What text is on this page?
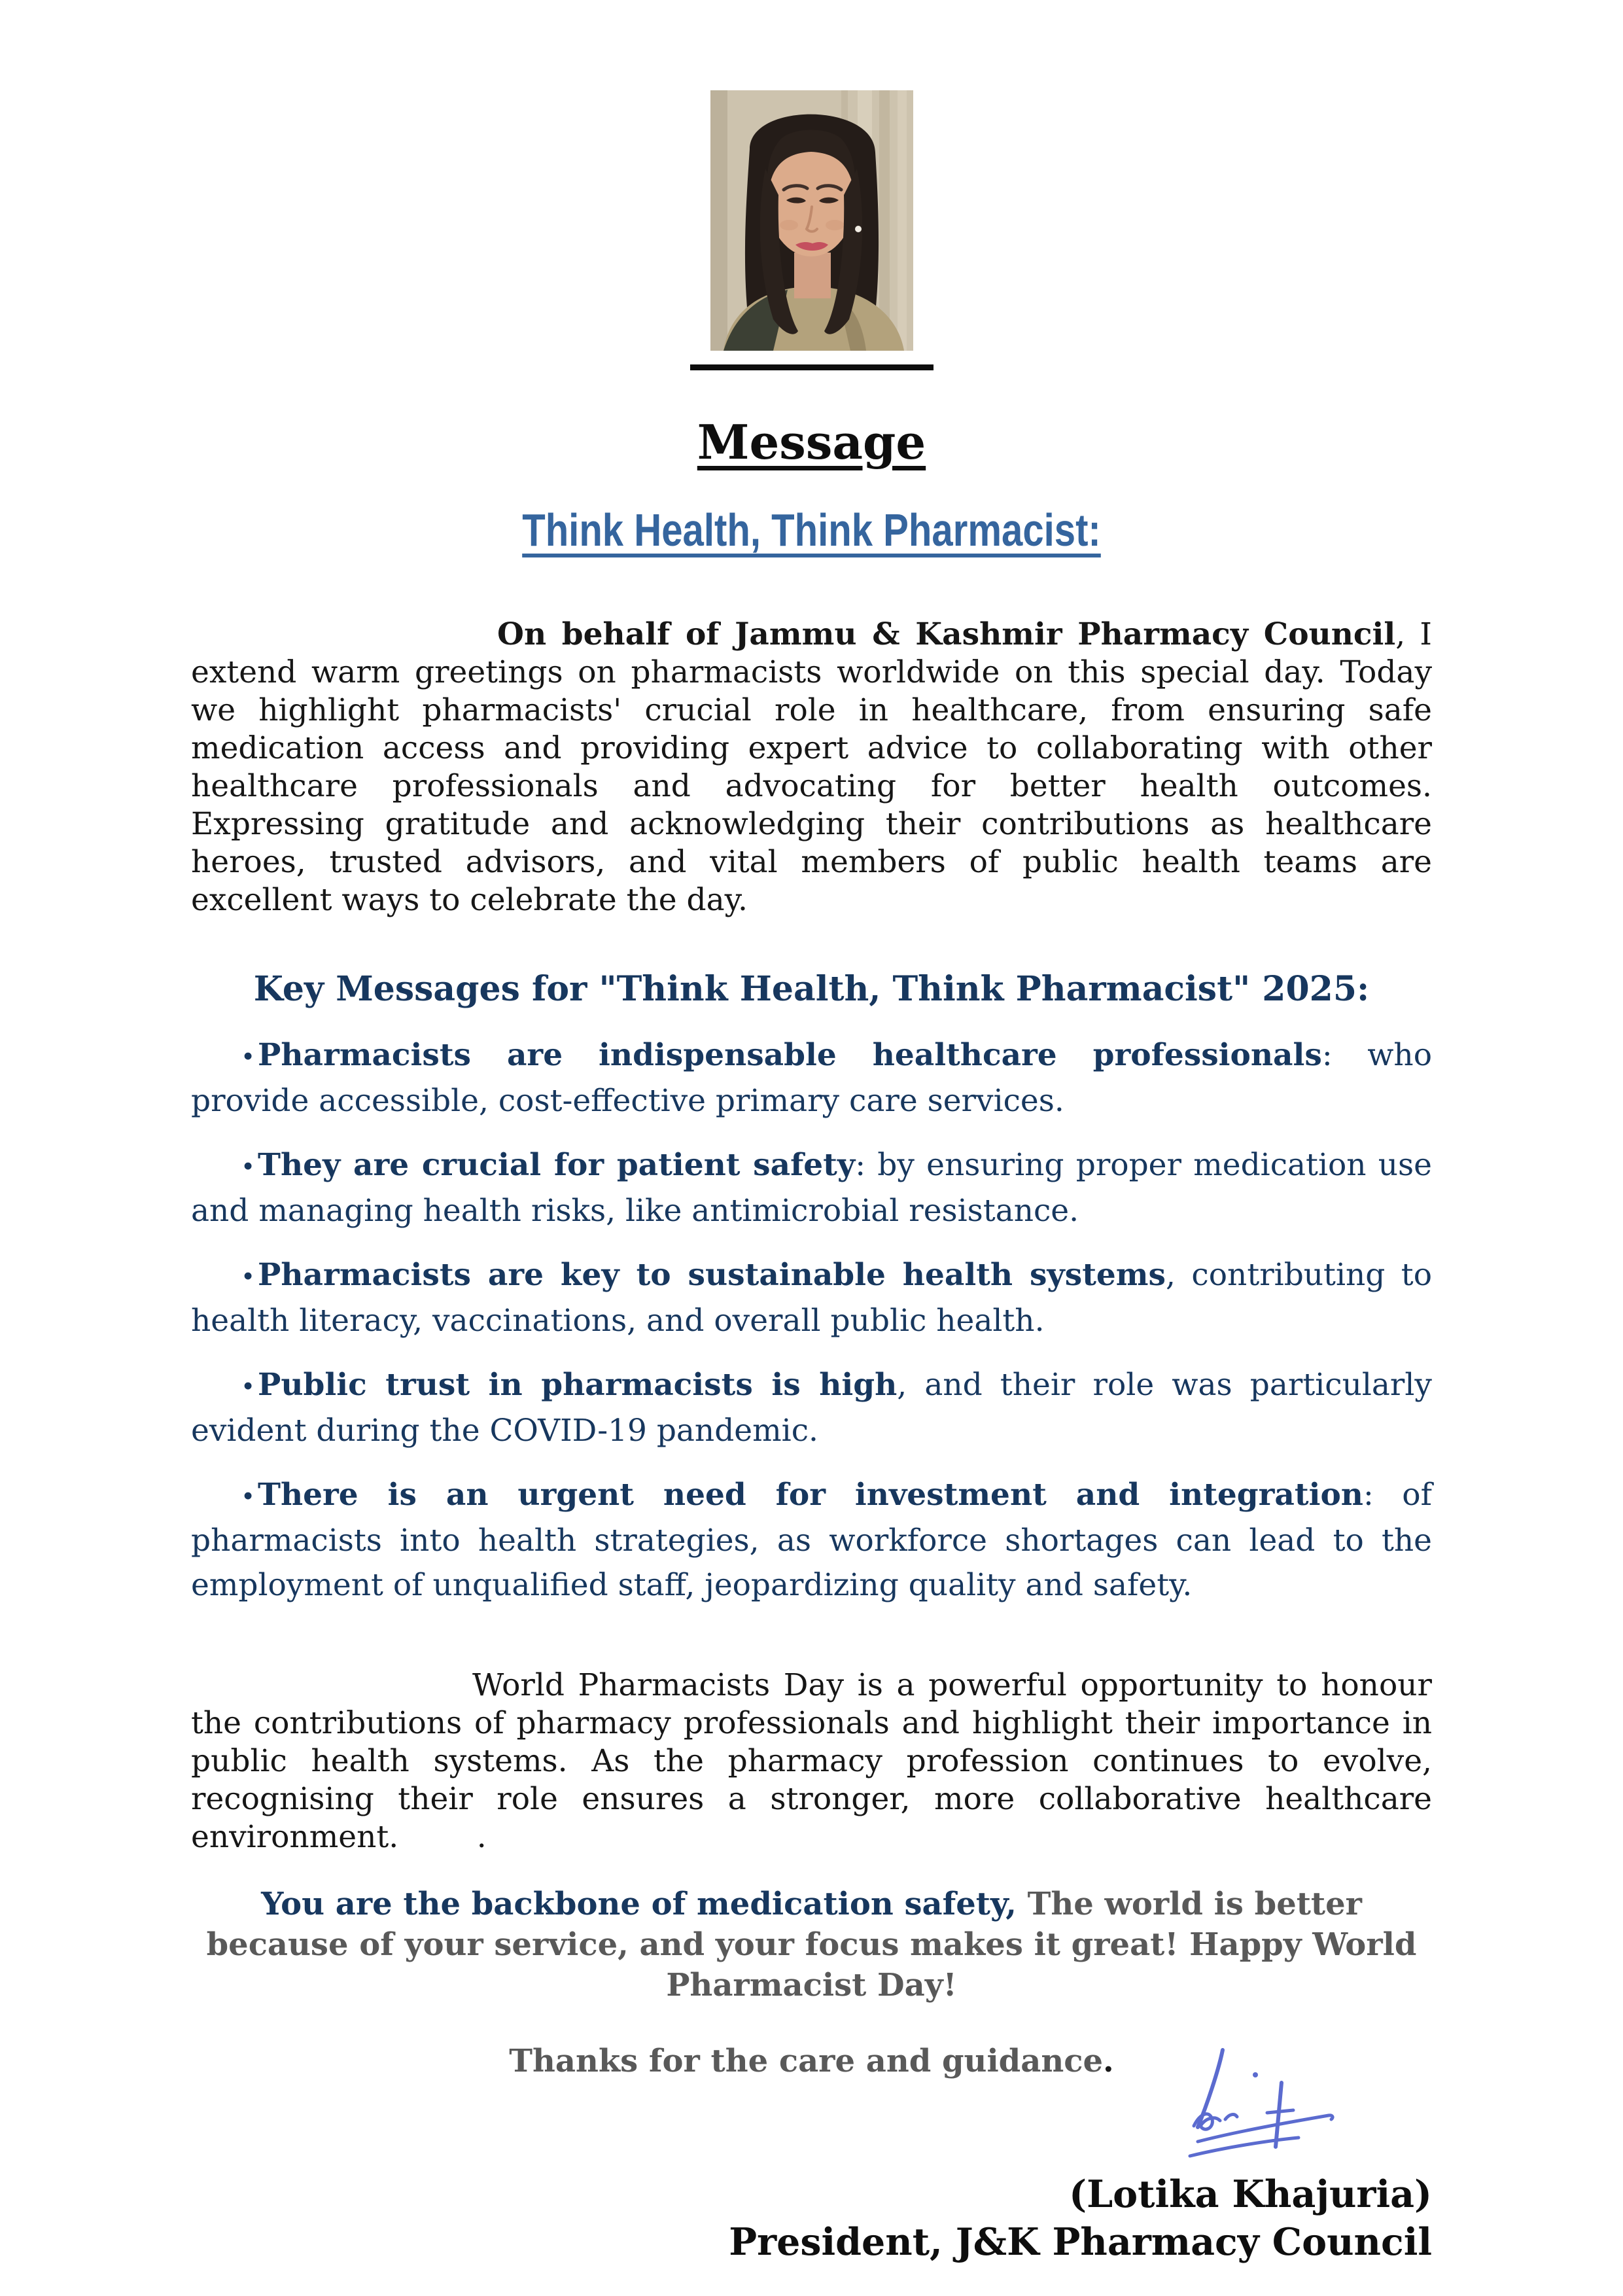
Message
Think Health, Think Pharmacist:

On behalf of Jammu & Kashmir Pharmacy Council, I extend warm greetings on pharmacists worldwide on this special day. Today we highlight pharmacists' crucial role in healthcare, from ensuring safe medication access and providing expert advice to collaborating with other healthcare professionals and advocating for better health outcomes. Expressing gratitude and acknowledging their contributions as healthcare heroes, trusted advisors, and vital members of public health teams are excellent ways to celebrate the day.

Key Messages for "Think Health, Think Pharmacist" 2025:

•Pharmacists are indispensable healthcare professionals: who provide accessible, cost-effective primary care services.

•They are crucial for patient safety: by ensuring proper medication use and managing health risks, like antimicrobial resistance.

•Pharmacists are key to sustainable health systems, contributing to health literacy, vaccinations, and overall public health.

•Public trust in pharmacists is high, and their role was particularly evident during the COVID-19 pandemic.

•There is an urgent need for investment and integration: of pharmacists into health strategies, as workforce shortages can lead to the employment of unqualified staff, jeopardizing quality and safety.

World Pharmacists Day is a powerful opportunity to honour the contributions of pharmacy professionals and highlight their importance in public health systems. As the pharmacy profession continues to evolve, recognising their role ensures a stronger, more collaborative healthcare environment.        .

You are the backbone of medication safety, The world is better because of your service, and your focus makes it great! Happy World Pharmacist Day!

Thanks for the care and guidance.

(Lotika Khajuria)
President, J&K Pharmacy Council
